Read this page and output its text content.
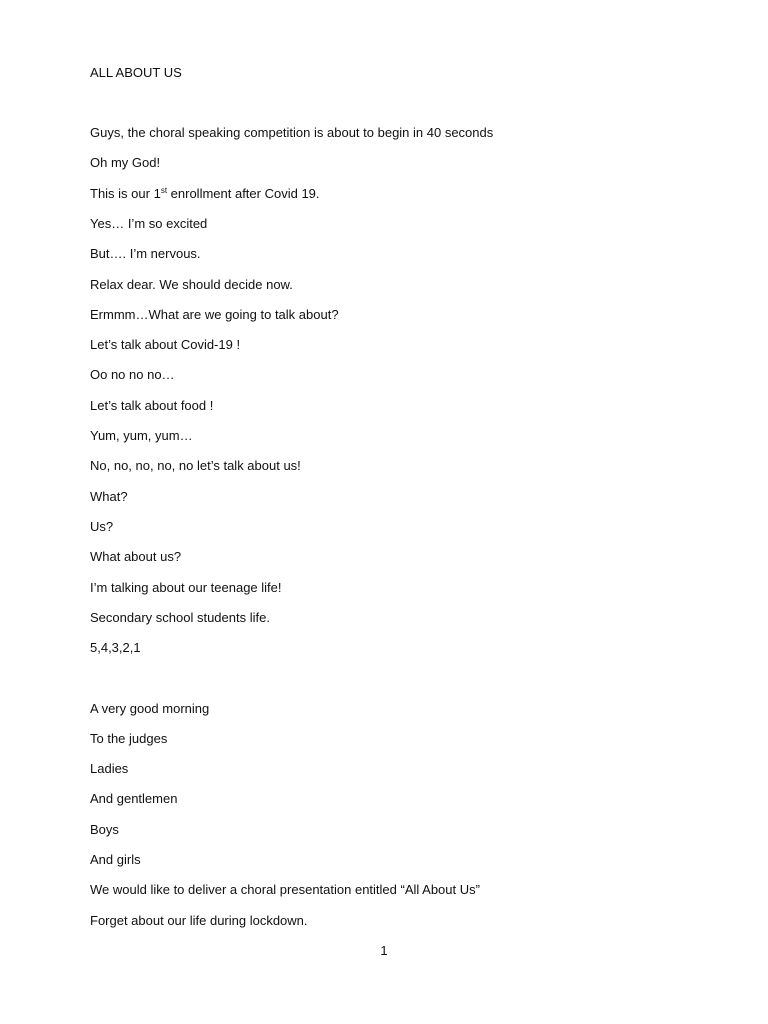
ALL ABOUT US
Guys, the choral speaking competition is about to begin in 40 seconds
Oh my God!
This is our 1st enrollment after Covid 19.
Yes… I’m so excited
But…. I’m nervous.
Relax dear. We should decide now.
Ermmm…What are we going to talk about?
Let’s talk about Covid-19 !
Oo no no no…
Let’s talk about food !
Yum, yum, yum…
No, no, no, no, no let’s talk about us!
What?
Us?
What about us?
I’m talking about our teenage life!
Secondary school students life.
5,4,3,2,1
A very good morning
To the judges
Ladies
And gentlemen
Boys
And girls
We would like to deliver a choral presentation entitled “All About Us”
Forget about our life during lockdown.
1
